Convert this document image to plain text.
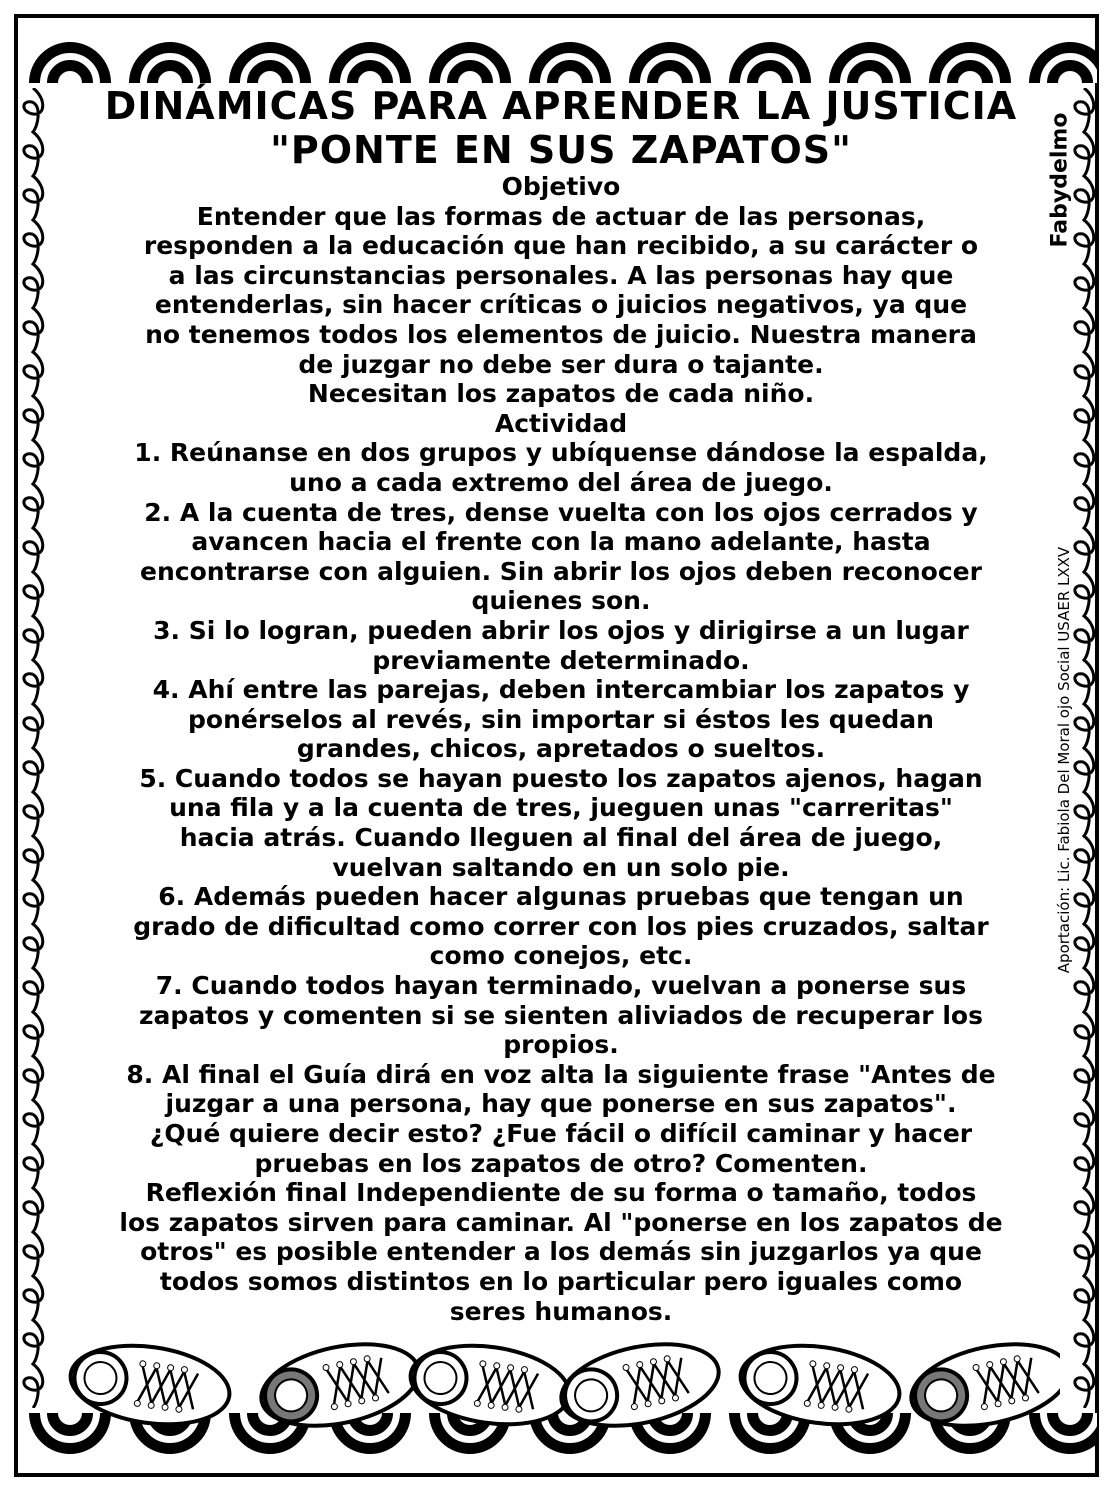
Fabydelmo
Aportación: Lic. Fabiola Del Moral ojo Social USAER LXXV
DINÁMICAS PARA APRENDER LA JUSTICIA
"PONTE EN SUS ZAPATOS"

Objetivo

Entender que las formas de actuar de las personas,

responden a la educación que han recibido, a su carácter o

a las circunstancias personales. A las personas hay que

entenderlas, sin hacer críticas o juicios negativos, ya que

no tenemos todos los elementos de juicio. Nuestra manera

de juzgar no debe ser dura o tajante.

Necesitan los zapatos de cada niño.

Actividad

1. Reúnanse en dos grupos y ubíquense dándose la espalda,

uno a cada extremo del área de juego.

2. A la cuenta de tres, dense vuelta con los ojos cerrados y

avancen hacia el frente con la mano adelante, hasta

encontrarse con alguien. Sin abrir los ojos deben reconocer

quienes son.

3. Si lo logran, pueden abrir los ojos y dirigirse a un lugar

previamente determinado.

4. Ahí entre las parejas, deben intercambiar los zapatos y

ponérselos al revés, sin importar si éstos les quedan

grandes, chicos, apretados o sueltos.

5. Cuando todos se hayan puesto los zapatos ajenos, hagan

una fila y a la cuenta de tres, jueguen unas "carreritas"

hacia atrás. Cuando lleguen al final del área de juego,

vuelvan saltando en un solo pie.

6. Además pueden hacer algunas pruebas que tengan un

grado de dificultad como correr con los pies cruzados, saltar

como conejos, etc.

7. Cuando todos hayan terminado, vuelvan a ponerse sus

zapatos y comenten si se sienten aliviados de recuperar los

propios.

8. Al final el Guía dirá en voz alta la siguiente frase "Antes de

juzgar a una persona, hay que ponerse en sus zapatos".

¿Qué quiere decir esto? ¿Fue fácil o difícil caminar y hacer

pruebas en los zapatos de otro? Comenten.

Reflexión final Independiente de su forma o tamaño, todos

los zapatos sirven para caminar. Al "ponerse en los zapatos de

otros" es posible entender a los demás sin juzgarlos ya que

todos somos distintos en lo particular pero iguales como

seres humanos.
